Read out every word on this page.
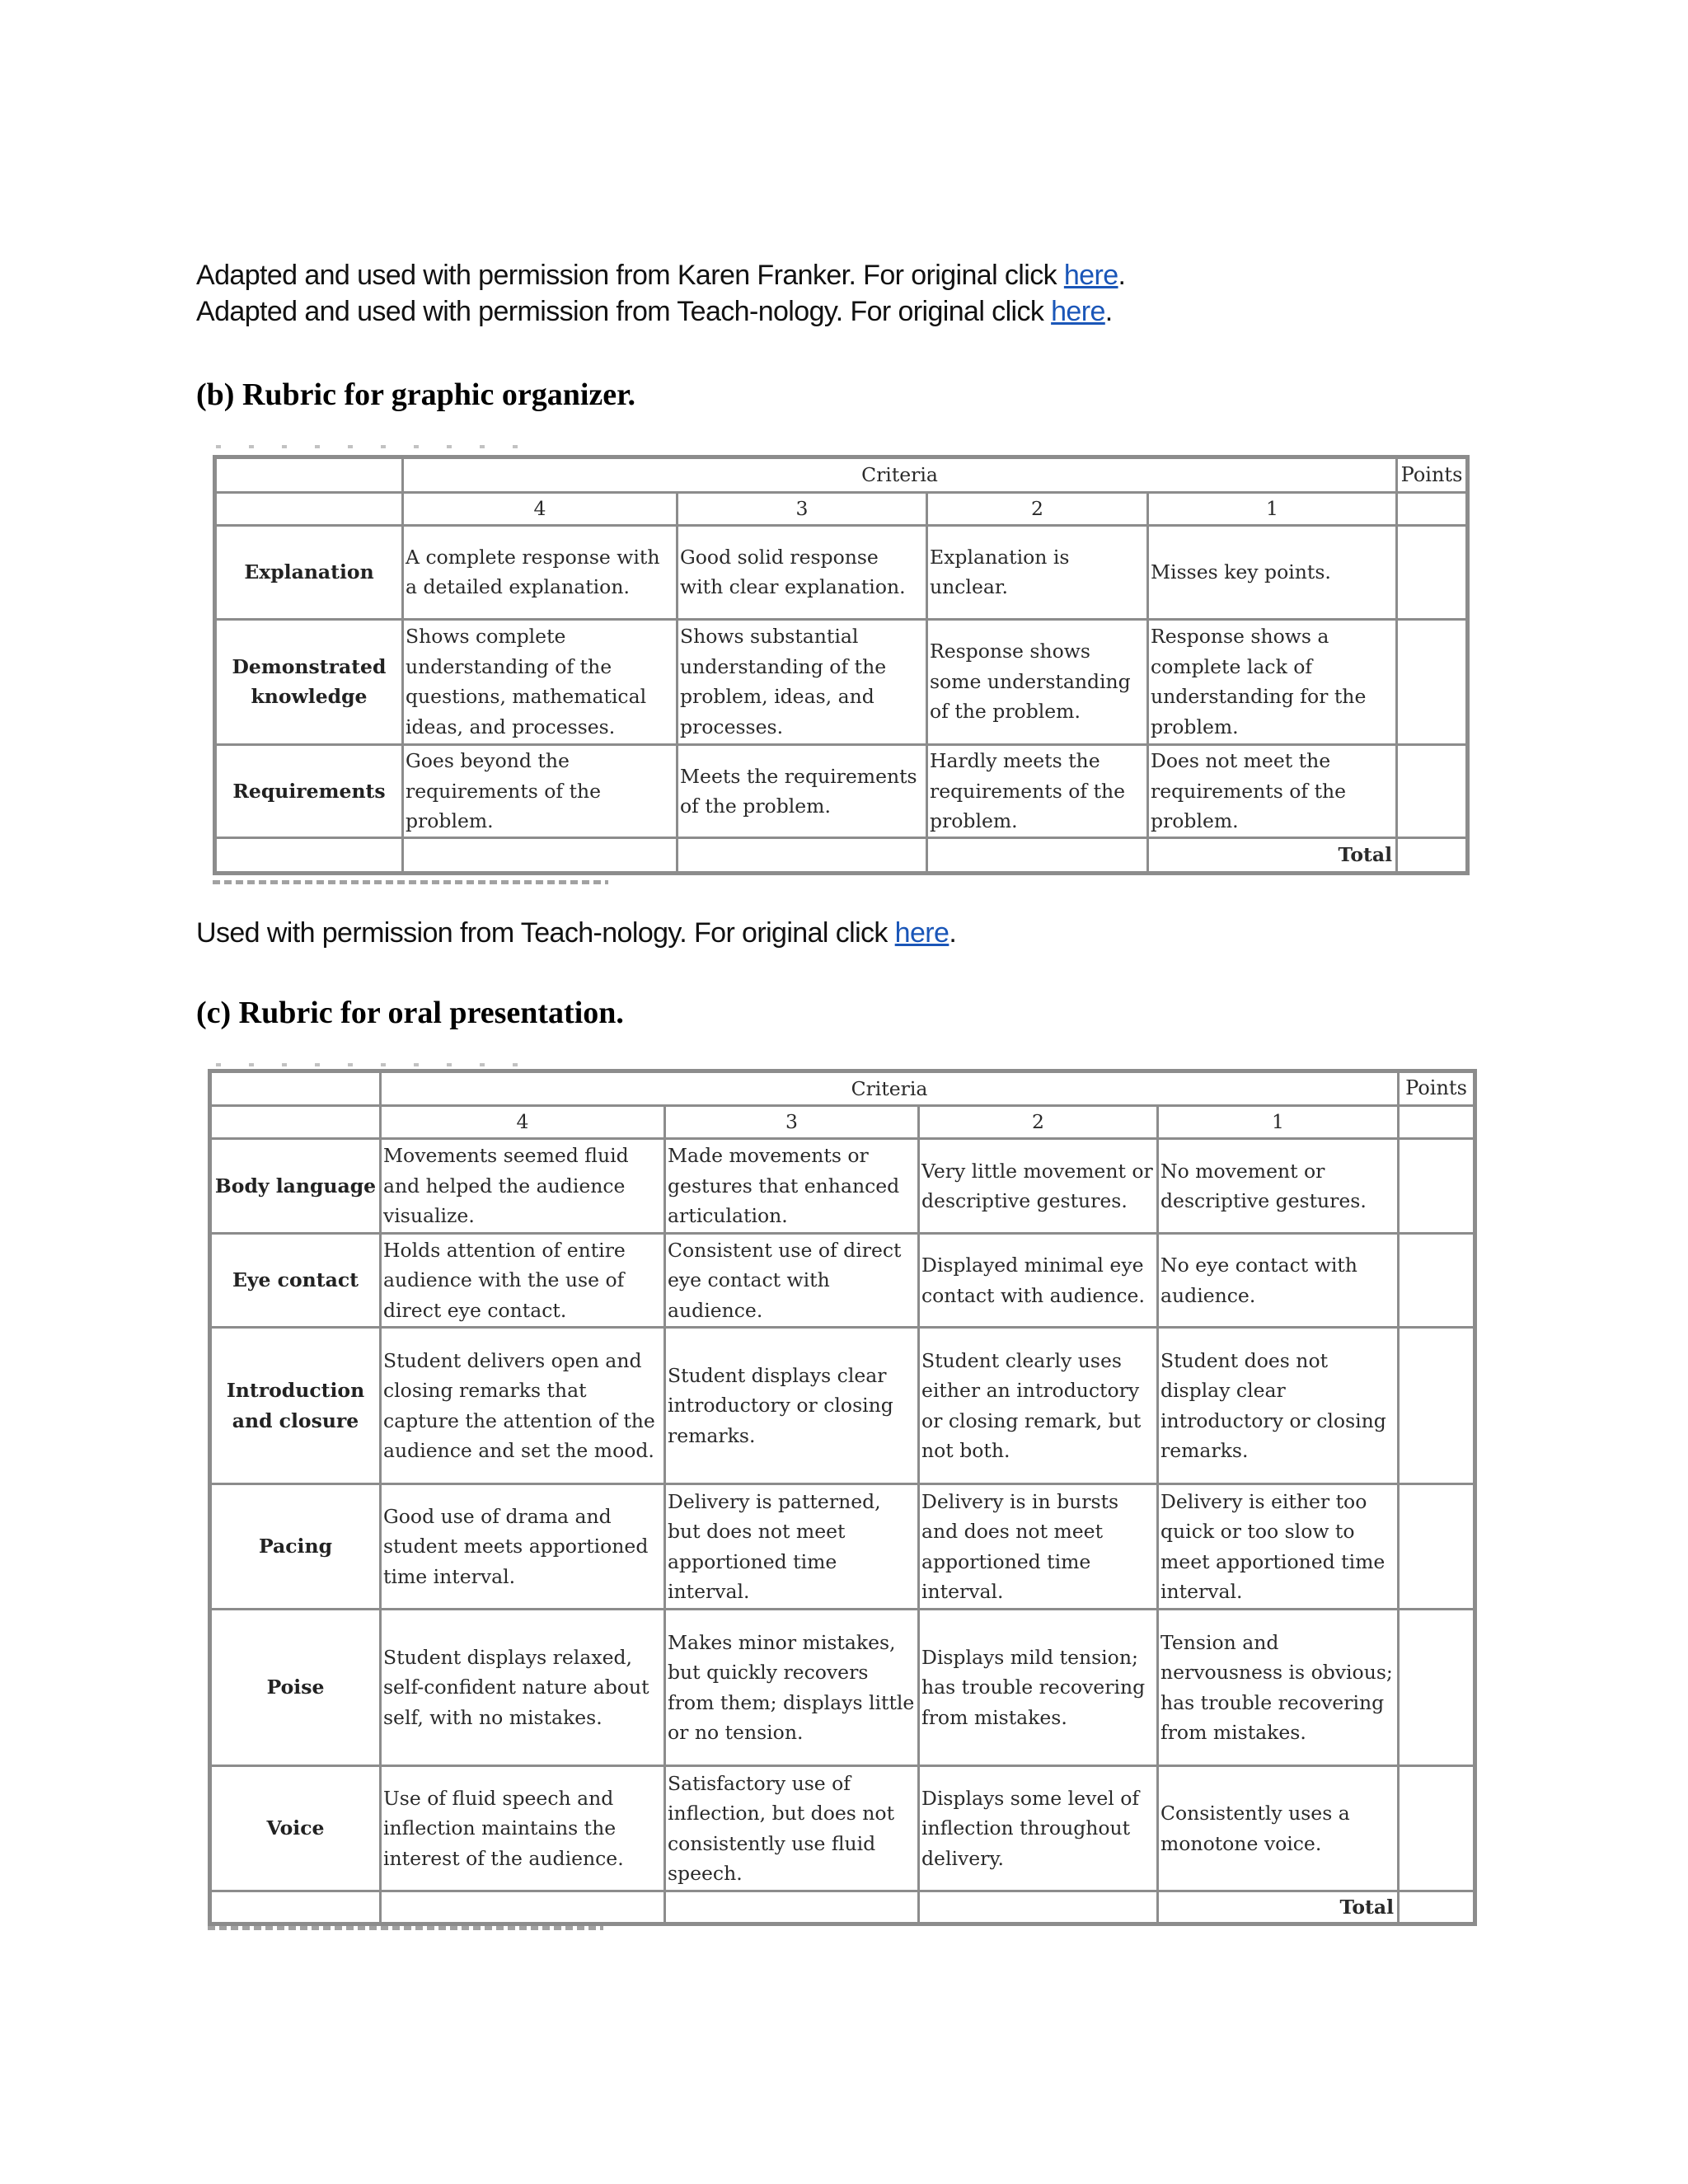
Adapted and used with permission from Karen Franker. For original click here.
Adapted and used with permission from Teach-nology. For original click here.
(b) Rubric for graphic organizer.
	Criteria				Points
	4	3	2	1	
Explanation	A complete response with a detailed explanation.	Good solid response with clear explanation.	Explanation is unclear.	Misses key points.	
Demonstrated knowledge	Shows complete understanding of the questions, mathematical ideas, and processes.	Shows substantial understanding of the problem, ideas, and processes.	Response shows some understanding of the problem.	Response shows a complete lack of understanding for the problem.	
Requirements	Goes beyond the requirements of the problem.	Meets the requirements of the problem.	Hardly meets the requirements of the problem.	Does not meet the requirements of the problem.	
				Total	
Used with permission from Teach-nology. For original click here.
(c) Rubric for oral presentation.
	Criteria				Points
	4	3	2	1	
Body language	Movements seemed fluid and helped the audience visualize.	Made movements or gestures that enhanced articulation.	Very little movement or descriptive gestures.	No movement or descriptive gestures.	
Eye contact	Holds attention of entire audience with the use of direct eye contact.	Consistent use of direct eye contact with audience.	Displayed minimal eye contact with audience.	No eye contact with audience.	
Introduction and closure	Student delivers open and closing remarks that capture the attention of the audience and set the mood.	Student displays clear introductory or closing remarks.	Student clearly uses either an introductory or closing remark, but not both.	Student does not display clear introductory or closing remarks.	
Pacing	Good use of drama and student meets apportioned time interval.	Delivery is patterned, but does not meet apportioned time interval.	Delivery is in bursts and does not meet apportioned time interval.	Delivery is either too quick or too slow to meet apportioned time interval.	
Poise	Student displays relaxed, self-confident nature about self, with no mistakes.	Makes minor mistakes, but quickly recovers from them; displays little or no tension.	Displays mild tension; has trouble recovering from mistakes.	Tension and nervousness is obvious; has trouble recovering from mistakes.	
Voice	Use of fluid speech and inflection maintains the interest of the audience.	Satisfactory use of inflection, but does not consistently use fluid speech.	Displays some level of inflection throughout delivery.	Consistently uses a monotone voice.	
				Total	
